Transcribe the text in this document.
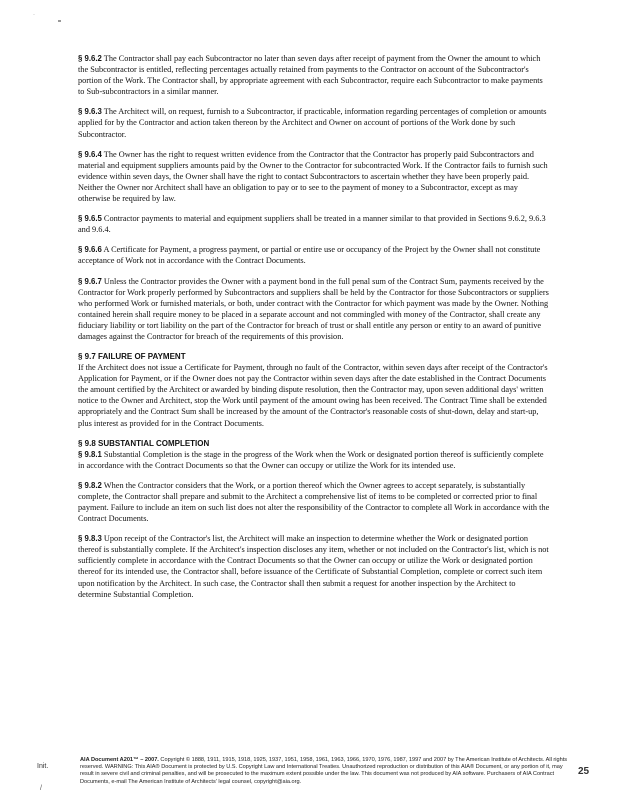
·

§ 9.6.2 The Contractor shall pay each Subcontractor no later than seven days after receipt of payment from the Owner the amount to which the Subcontractor is entitled, reflecting percentages actually retained from payments to the Contractor on account of the Subcontractor's portion of the Work. The Contractor shall, by appropriate agreement with each Subcontractor, require each Subcontractor to make payments to Sub-subcontractors in a similar manner.

§ 9.6.3 The Architect will, on request, furnish to a Subcontractor, if practicable, information regarding percentages of completion or amounts applied for by the Contractor and action taken thereon by the Architect and Owner on account of portions of the Work done by such Subcontractor.

§ 9.6.4 The Owner has the right to request written evidence from the Contractor that the Contractor has properly paid Subcontractors and material and equipment suppliers amounts paid by the Owner to the Contractor for subcontracted Work. If the Contractor fails to furnish such evidence within seven days, the Owner shall have the right to contact Subcontractors to ascertain whether they have been properly paid. Neither the Owner nor Architect shall have an obligation to pay or to see to the payment of money to a Subcontractor, except as may otherwise be required by law.

§ 9.6.5 Contractor payments to material and equipment suppliers shall be treated in a manner similar to that provided in Sections 9.6.2, 9.6.3 and 9.6.4.

§ 9.6.6 A Certificate for Payment, a progress payment, or partial or entire use or occupancy of the Project by the Owner shall not constitute acceptance of Work not in accordance with the Contract Documents.

§ 9.6.7 Unless the Contractor provides the Owner with a payment bond in the full penal sum of the Contract Sum, payments received by the Contractor for Work properly performed by Subcontractors and suppliers shall be held by the Contractor for those Subcontractors or suppliers who performed Work or furnished materials, or both, under contract with the Contractor for which payment was made by the Owner. Nothing contained herein shall require money to be placed in a separate account and not commingled with money of the Contractor, shall create any fiduciary liability or tort liability on the part of the Contractor for breach of trust or shall entitle any person or entity to an award of punitive damages against the Contractor for breach of the requirements of this provision.

§ 9.7 FAILURE OF PAYMENT

If the Architect does not issue a Certificate for Payment, through no fault of the Contractor, within seven days after receipt of the Contractor's Application for Payment, or if the Owner does not pay the Contractor within seven days after the date established in the Contract Documents the amount certified by the Architect or awarded by binding dispute resolution, then the Contractor may, upon seven additional days' written notice to the Owner and Architect, stop the Work until payment of the amount owing has been received. The Contract Time shall be extended appropriately and the Contract Sum shall be increased by the amount of the Contractor's reasonable costs of shut-down, delay and start-up, plus interest as provided for in the Contract Documents.

§ 9.8 SUBSTANTIAL COMPLETION

§ 9.8.1 Substantial Completion is the stage in the progress of the Work when the Work or designated portion thereof is sufficiently complete in accordance with the Contract Documents so that the Owner can occupy or utilize the Work for its intended use.

§ 9.8.2 When the Contractor considers that the Work, or a portion thereof which the Owner agrees to accept separately, is substantially complete, the Contractor shall prepare and submit to the Architect a comprehensive list of items to be completed or corrected prior to final payment. Failure to include an item on such list does not alter the responsibility of the Contractor to complete all Work in accordance with the Contract Documents.

§ 9.8.3 Upon receipt of the Contractor's list, the Architect will make an inspection to determine whether the Work or designated portion thereof is substantially complete. If the Architect's inspection discloses any item, whether or not included on the Contractor's list, which is not sufficiently complete in accordance with the Contract Documents so that the Owner can occupy or utilize the Work or designated portion thereof for its intended use, the Contractor shall, before issuance of the Certificate of Substantial Completion, complete or correct such item upon notification by the Architect. In such case, the Contractor shall then submit a request for another inspection by the Architect to determine Substantial Completion.

Init.
/
AIA Document A201™ – 2007. Copyright © 1888, 1911, 1915, 1918, 1925, 1937, 1951, 1958, 1961, 1963, 1966, 1970, 1976, 1987, 1997 and 2007 by The American Institute of Architects. All rights reserved. WARNING: This AIA® Document is protected by U.S. Copyright Law and International Treaties. Unauthorized reproduction or distribution of this AIA® Document, or any portion of it, may result in severe civil and criminal penalties, and will be prosecuted to the maximum extent possible under the law. This document was not produced by AIA software. Purchasers of AIA Contract Documents, e-mail The American Institute of Architects' legal counsel, copyright@aia.org.
25
